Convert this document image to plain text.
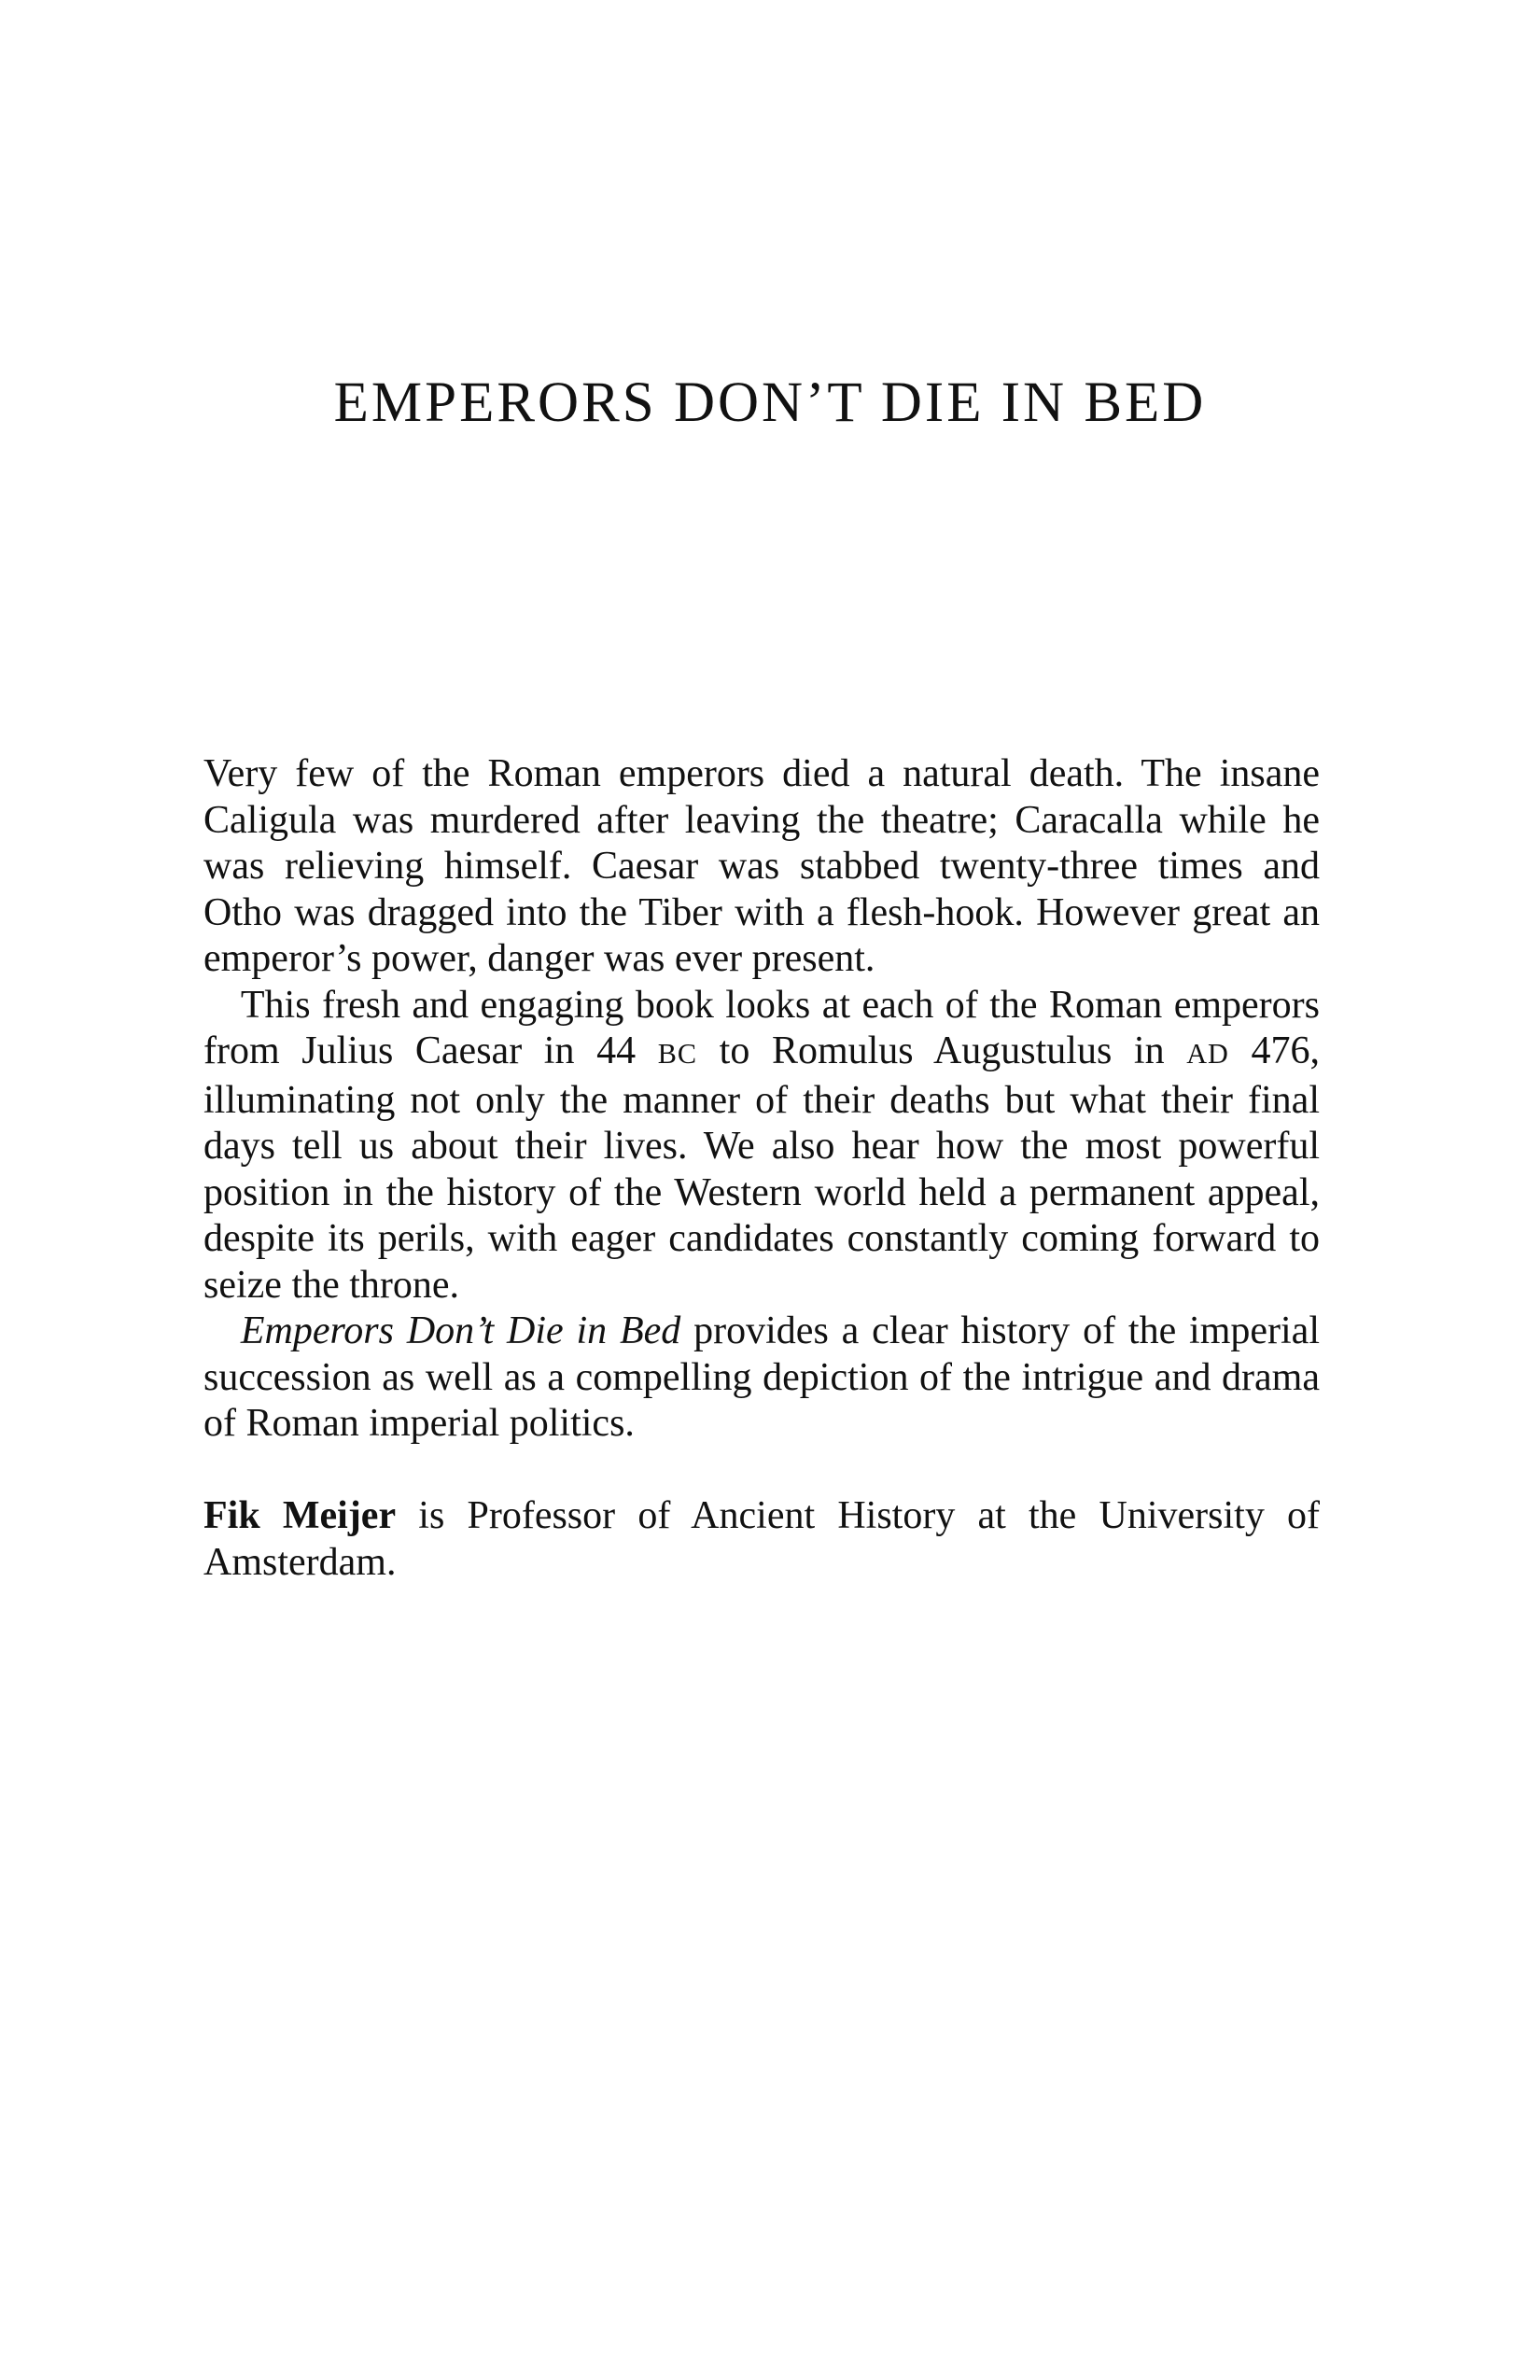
EMPERORS DON’T DIE IN BED

Very few of the Roman emperors died a natural death. The insane Caligula was murdered after leaving the theatre; Caracalla while he was relieving himself. Caesar was stabbed twenty-three times and Otho was dragged into the Tiber with a flesh-hook. However great an emperor’s power, danger was ever present.

This fresh and engaging book looks at each of the Roman emperors from Julius Caesar in 44 BC to Romulus Augustulus in AD 476, illuminating not only the manner of their deaths but what their final days tell us about their lives. We also hear how the most powerful position in the history of the Western world held a permanent appeal, despite its perils, with eager candidates constantly coming forward to seize the throne.

Emperors Don’t Die in Bed provides a clear history of the imperial succession as well as a compelling depiction of the intrigue and drama of Roman imperial politics.

Fik Meijer is Professor of Ancient History at the University of Amsterdam.
